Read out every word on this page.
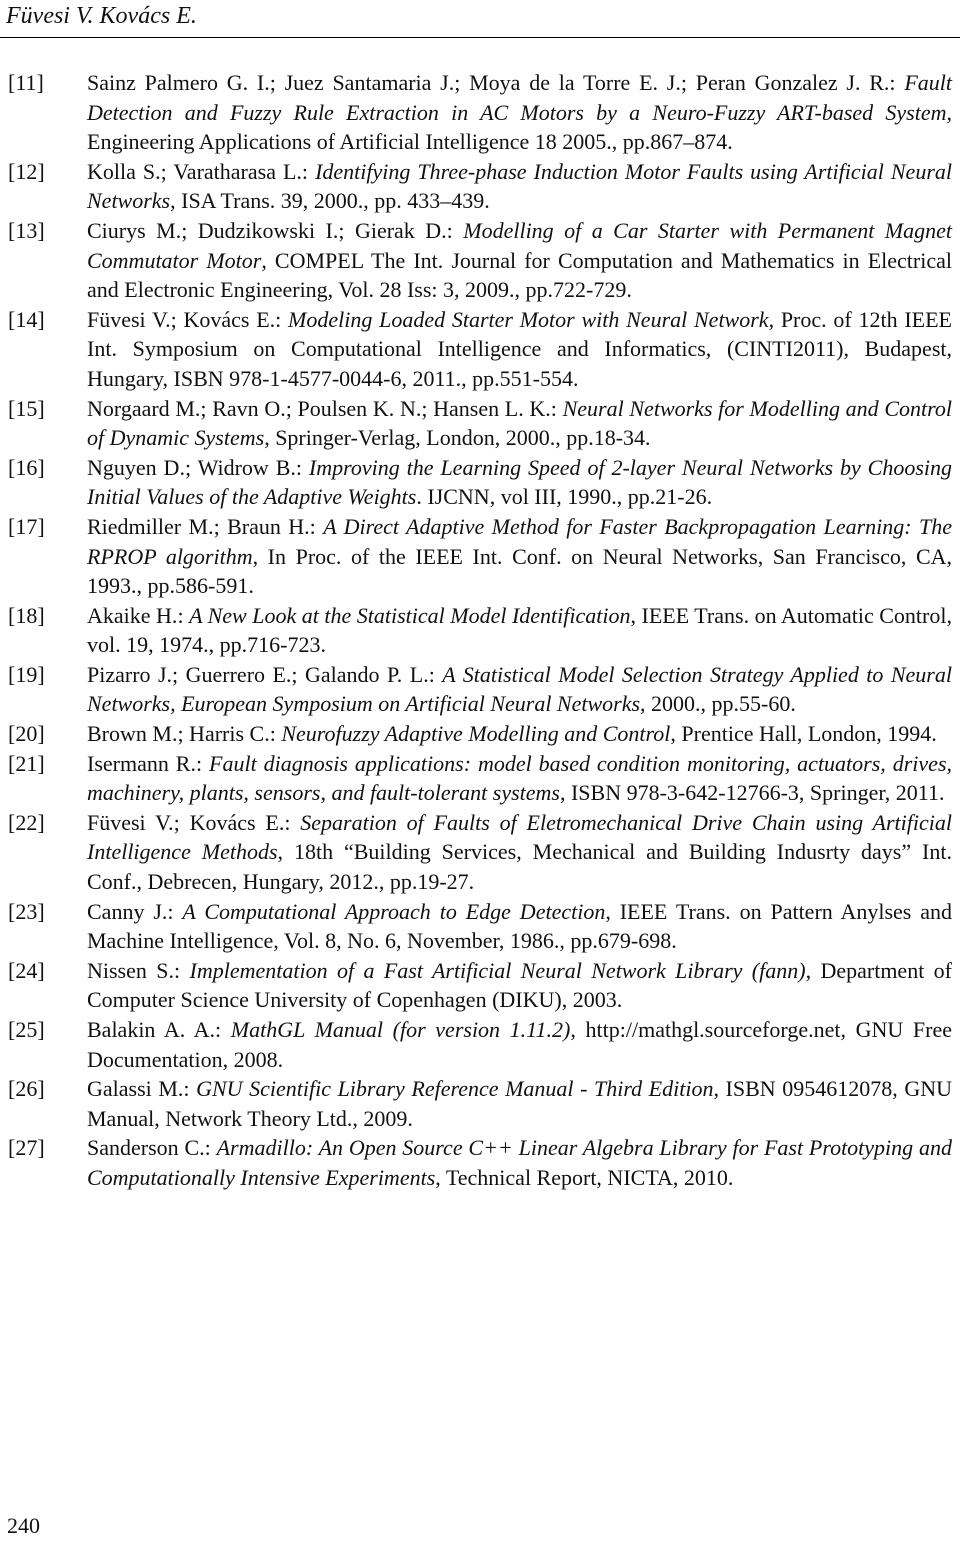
Füvesi V. Kovács E.
[11]	Sainz Palmero G. I.; Juez Santamaria J.; Moya de la Torre E. J.; Peran Gonzalez J. R.: Fault Detection and Fuzzy Rule Extraction in AC Motors by a Neuro-Fuzzy ART-based System, Engineering Applications of Artificial Intelligence 18 2005., pp.867–874.
[12]	Kolla S.; Varatharasa L.: Identifying Three-phase Induction Motor Faults using Artificial Neural Networks, ISA Trans. 39, 2000., pp. 433–439.
[13]	Ciurys M.; Dudzikowski I.; Gierak D.: Modelling of a Car Starter with Permanent Magnet Commutator Motor, COMPEL The Int. Journal for Computation and Mathematics in Electrical and Electronic Engineering, Vol. 28 Iss: 3, 2009., pp.722-729.
[14]	Füvesi V.; Kovács E.: Modeling Loaded Starter Motor with Neural Network, Proc. of 12th IEEE Int. Symposium on Computational Intelligence and Informatics, (CINTI2011), Budapest, Hungary, ISBN 978-1-4577-0044-6, 2011., pp.551-554.
[15]	Norgaard M.; Ravn O.; Poulsen K. N.; Hansen L. K.: Neural Networks for Modelling and Control of Dynamic Systems, Springer-Verlag, London, 2000., pp.18-34.
[16]	Nguyen D.; Widrow B.: Improving the Learning Speed of 2-layer Neural Networks by Choosing Initial Values of the Adaptive Weights. IJCNN, vol III, 1990., pp.21-26.
[17]	Riedmiller M.; Braun H.: A Direct Adaptive Method for Faster Backpropagation Learning: The RPROP algorithm, In Proc. of the IEEE Int. Conf. on Neural Networks, San Francisco, CA, 1993., pp.586-591.
[18]	Akaike H.: A New Look at the Statistical Model Identification, IEEE Trans. on Automatic Control, vol. 19, 1974., pp.716-723.
[19]	Pizarro J.; Guerrero E.; Galando P. L.: A Statistical Model Selection Strategy Applied to Neural Networks, European Symposium on Artificial Neural Networks, 2000., pp.55-60.
[20]	Brown M.; Harris C.: Neurofuzzy Adaptive Modelling and Control, Prentice Hall, London, 1994.
[21]	Isermann R.: Fault diagnosis applications: model based condition monitoring, actuators, drives, machinery, plants, sensors, and fault-tolerant systems, ISBN 978-3-642-12766-3, Springer, 2011.
[22]	Füvesi V.; Kovács E.: Separation of Faults of Eletromechanical Drive Chain using Artificial Intelligence Methods, 18th “Building Services, Mechanical and Building Indusrty days” Int. Conf., Debrecen, Hungary, 2012., pp.19-27.
[23]	Canny J.: A Computational Approach to Edge Detection, IEEE Trans. on Pattern Anylses and Machine Intelligence, Vol. 8, No. 6, November, 1986., pp.679-698.
[24]	Nissen S.: Implementation of a Fast Artificial Neural Network Library (fann), Department of Computer Science University of Copenhagen (DIKU), 2003.
[25]	Balakin A. A.: MathGL Manual (for version 1.11.2), http://mathgl.sourceforge.net, GNU Free Documentation, 2008.
[26]	Galassi M.: GNU Scientific Library Reference Manual - Third Edition, ISBN 0954612078, GNU Manual, Network Theory Ltd., 2009.
[27]	Sanderson C.: Armadillo: An Open Source C++ Linear Algebra Library for Fast Prototyping and Computationally Intensive Experiments, Technical Report, NICTA, 2010.
240
